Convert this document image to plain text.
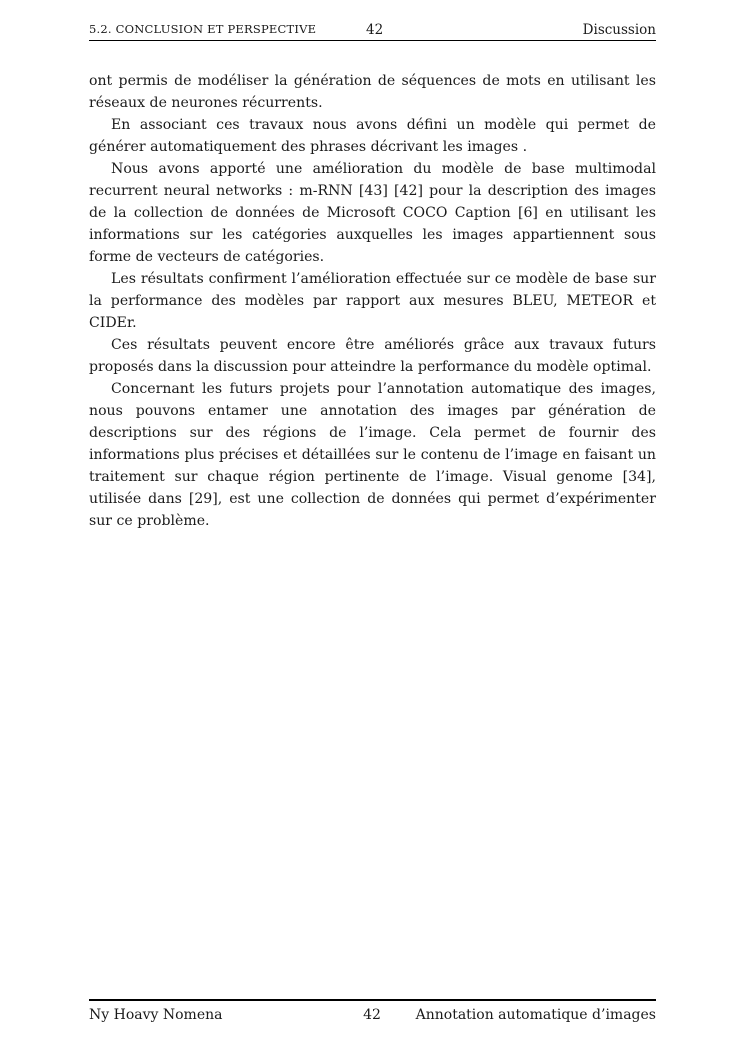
5.2. CONCLUSION ET PERSPECTIVE	42	Discussion

ont permis de modéliser la génération de séquences de mots en utilisant les réseaux de neurones récurrents.

En associant ces travaux nous avons défini un modèle qui permet de générer automatiquement des phrases décrivant les images .

Nous avons apporté une amélioration du modèle de base multimodal recurrent neural networks : m-RNN [43] [42] pour la description des images de la collection de données de Microsoft COCO Caption [6] en utilisant les informations sur les catégories auxquelles les images appartiennent sous forme de vecteurs de catégories.

Les résultats confirment l’amélioration effectuée sur ce modèle de base sur la performance des modèles par rapport aux mesures BLEU, METEOR et CIDEr.

Ces résultats peuvent encore être améliorés grâce aux travaux futurs proposés dans la discussion pour atteindre la performance du modèle optimal.

Concernant les futurs projets pour l’annotation automatique des images, nous pouvons entamer une annotation des images par génération de descriptions sur des régions de l’image. Cela permet de fournir des informations plus précises et détaillées sur le contenu de l’image en faisant un traitement sur chaque région pertinente de l’image. Visual genome [34], utilisée dans [29], est une collection de données qui permet d’expérimenter sur ce problème.

Ny Hoavy Nomena	42 Annotation automatique d’images
